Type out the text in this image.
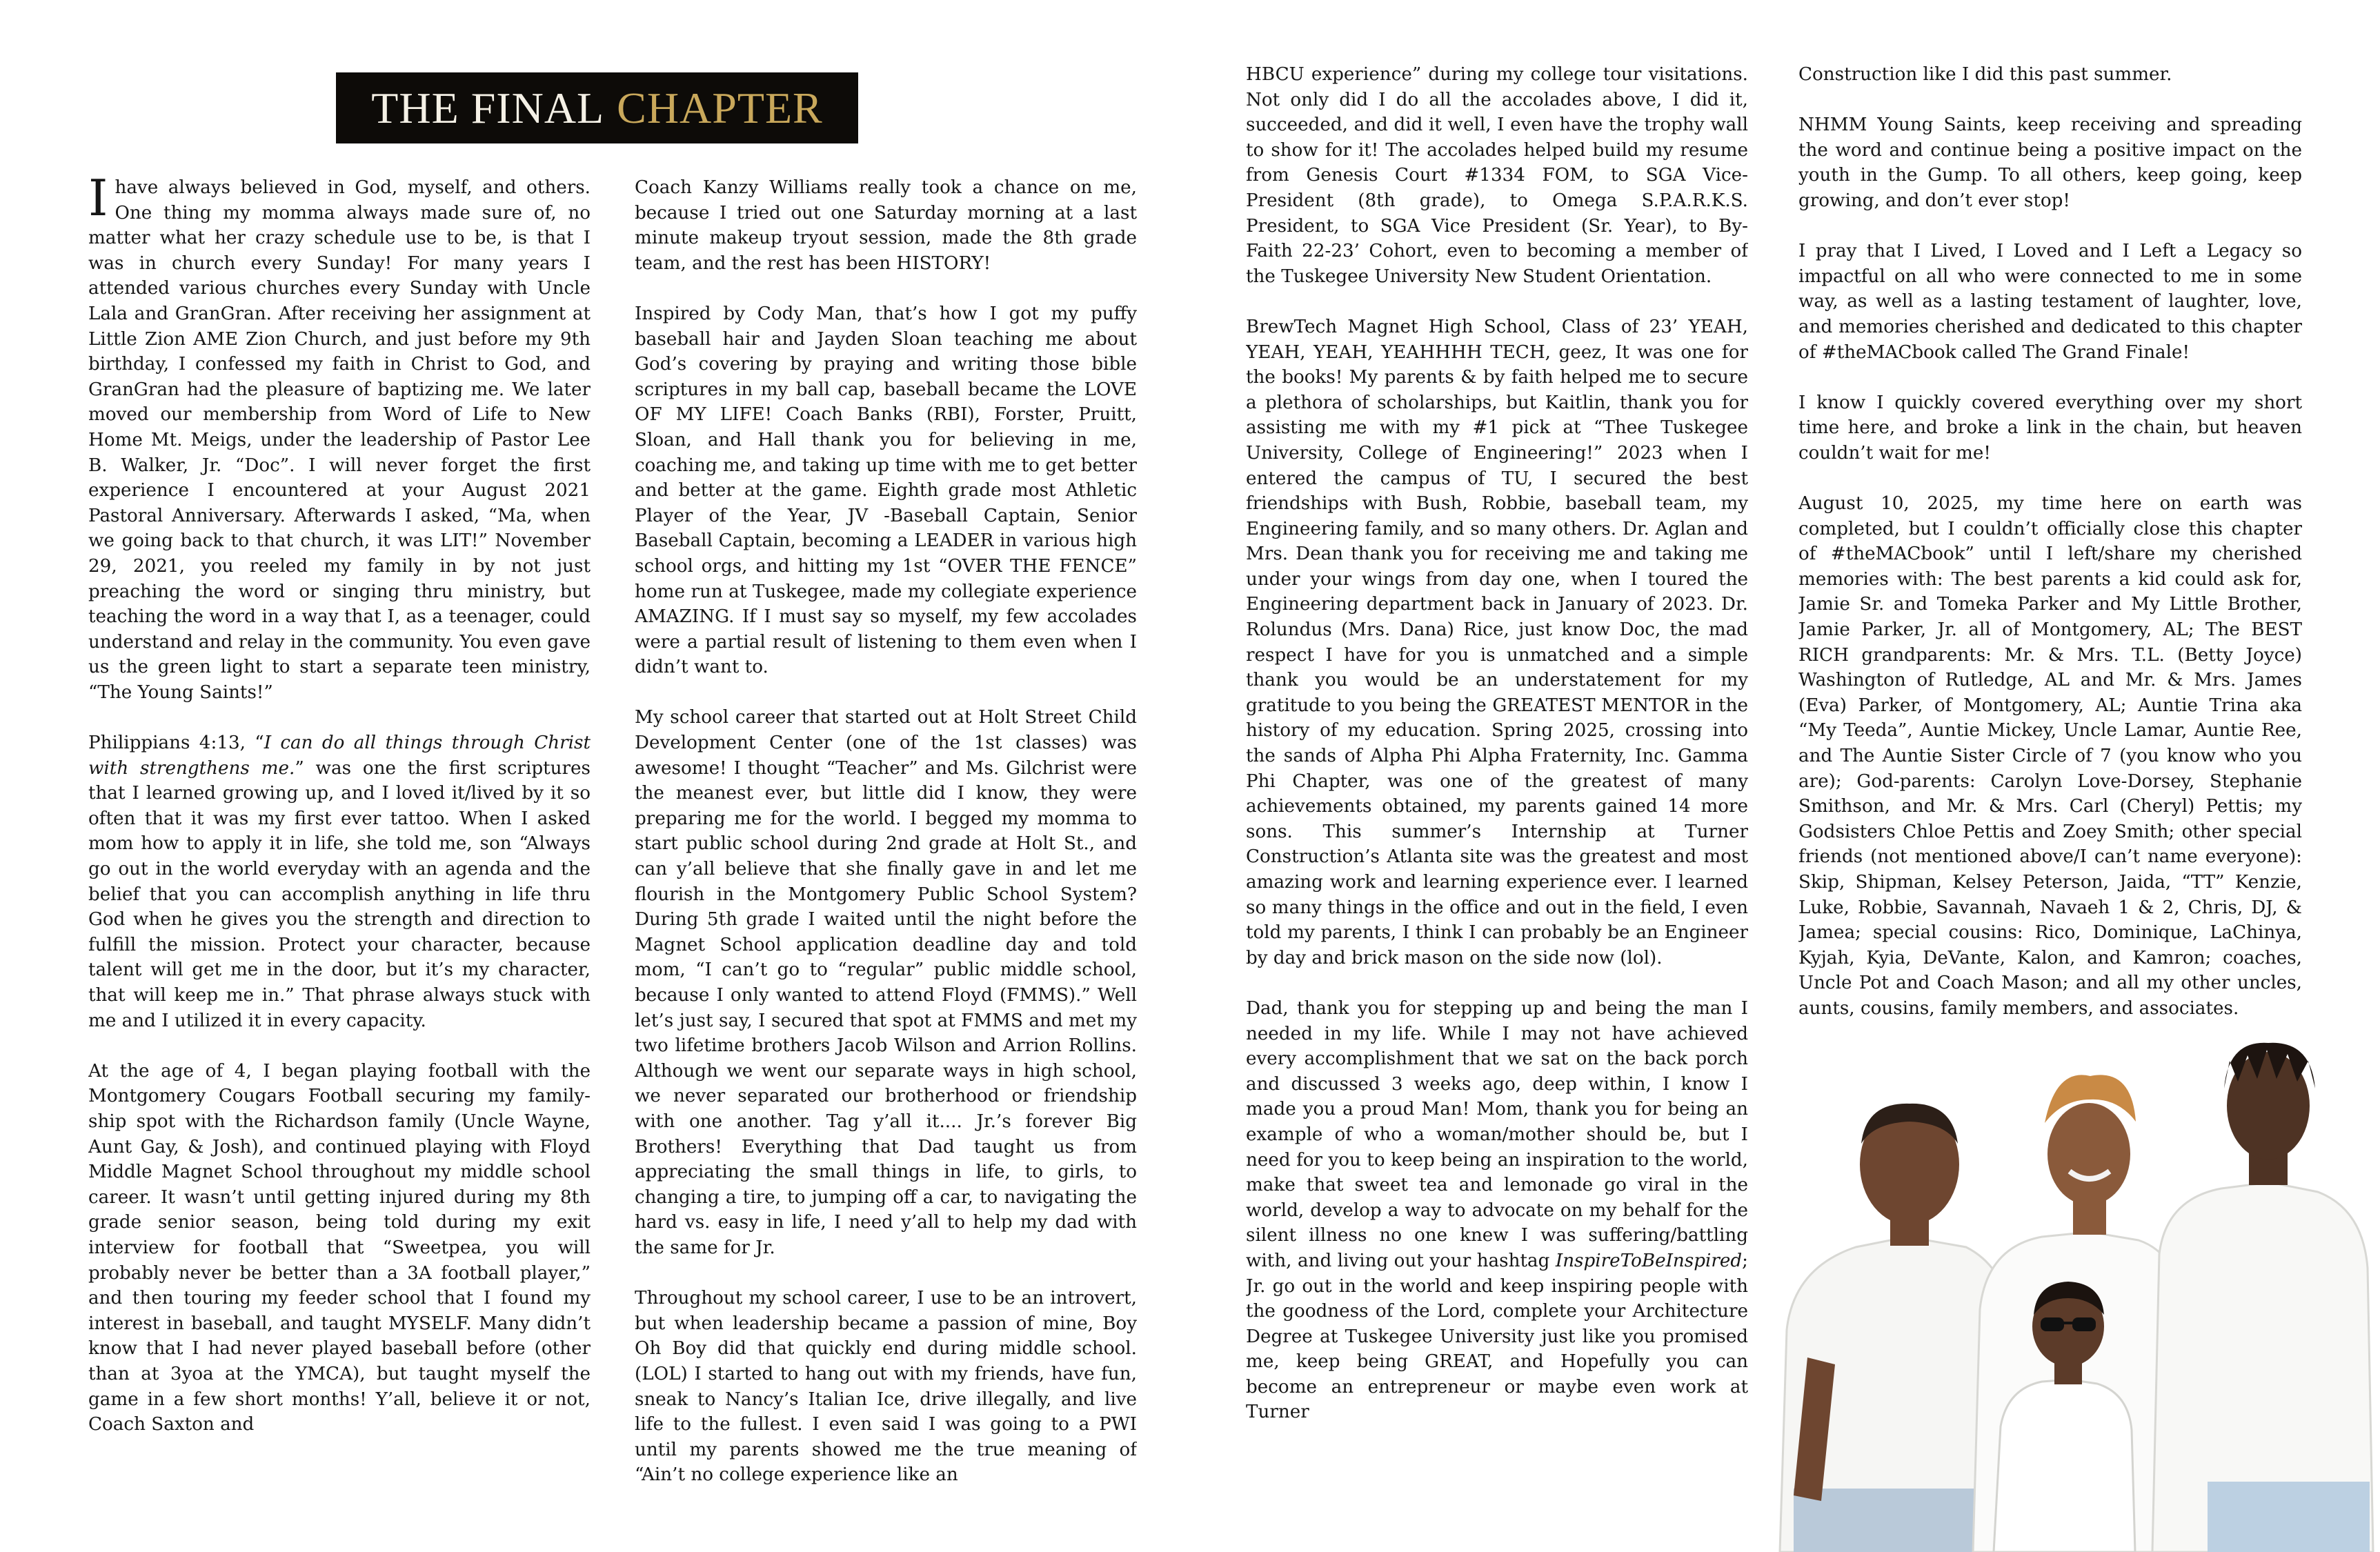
THE FINAL CHAPTER

I have always believed in God, myself, and others. One thing my momma always made sure of, no matter what her crazy schedule use to be, is that I was in church every Sunday! For many years I attended various churches every Sunday with Uncle Lala and GranGran. After receiving her assignment at Little Zion AME Zion Church, and just before my 9th birthday, I confessed my faith in Christ to God, and GranGran had the pleasure of baptizing me. We later moved our membership from Word of Life to New Home Mt. Meigs, under the leadership of Pastor Lee B. Walker, Jr. “Doc”. I will never forget the first experience I encountered at your August 2021 Pastoral Anniversary. Afterwards I asked, “Ma, when we going back to that church, it was LIT!” November 29, 2021, you reeled my family in by not just preaching the word or singing thru ministry, but teaching the word in a way that I, as a teenager, could understand and relay in the community. You even gave us the green light to start a separate teen ministry, “The Young Saints!”

Philippians 4:13, “I can do all things through Christ with strengthens me.” was one the first scriptures that I learned growing up, and I loved it/lived by it so often that it was my first ever tattoo. When I asked mom how to apply it in life, she told me, son “Always go out in the world everyday with an agenda and the belief that you can accomplish anything in life thru God when he gives you the strength and direction to fulfill the mission. Protect your character, because talent will get me in the door, but it’s my character, that will keep me in.” That phrase always stuck with me and I utilized it in every capacity.

At the age of 4, I began playing football with the Montgomery Cougars Football securing my family-ship spot with the Richardson family (Uncle Wayne, Aunt Gay, & Josh), and continued playing with Floyd Middle Magnet School throughout my middle school career. It wasn’t until getting injured during my 8th grade senior season, being told during my exit interview for football that “Sweetpea, you will probably never be better than a 3A football player,” and then touring my feeder school that I found my interest in baseball, and taught MYSELF. Many didn’t know that I had never played baseball before (other than at 3yoa at the YMCA), but taught myself the game in a few short months! Y’all, believe it or not, Coach Saxton and

Coach Kanzy Williams really took a chance on me, because I tried out one Saturday morning at a last minute makeup tryout session, made the 8th grade team, and the rest has been HISTORY!

Inspired by Cody Man, that’s how I got my puffy baseball hair and Jayden Sloan teaching me about God’s covering by praying and writing those bible scriptures in my ball cap, baseball became the LOVE OF MY LIFE! Coach Banks (RBI), Forster, Pruitt, Sloan, and Hall thank you for believing in me, coaching me, and taking up time with me to get better and better at the game. Eighth grade most Athletic Player of the Year, JV -Baseball Captain, Senior Baseball Captain, becoming a LEADER in various high school orgs, and hitting my 1st “OVER THE FENCE” home run at Tuskegee, made my collegiate experience AMAZING. If I must say so myself, my few accolades were a partial result of listening to them even when I didn’t want to.

My school career that started out at Holt Street Child Development Center (one of the 1st classes) was awesome! I thought “Teacher” and Ms. Gilchrist were the meanest ever, but little did I know, they were preparing me for the world. I begged my momma to start public school during 2nd grade at Holt St., and can y’all believe that she finally gave in and let me flourish in the Montgomery Public School System? During 5th grade I waited until the night before the Magnet School application deadline day and told mom, “I can’t go to “regular” public middle school, because I only wanted to attend Floyd (FMMS).” Well let’s just say, I secured that spot at FMMS and met my two lifetime brothers Jacob Wilson and Arrion Rollins. Although we went our separate ways in high school, we never separated our brotherhood or friendship with one another. Tag y’all it.... Jr.’s forever Big Brothers! Everything that Dad taught us from appreciating the small things in life, to girls, to changing a tire, to jumping off a car, to navigating the hard vs. easy in life, I need y’all to help my dad with the same for Jr.

Throughout my school career, I use to be an introvert, but when leadership became a passion of mine, Boy Oh Boy did that quickly end during middle school. (LOL) I started to hang out with my friends, have fun, sneak to Nancy’s Italian Ice, drive illegally, and live life to the fullest. I even said I was going to a PWI until my parents showed me the true meaning of “Ain’t no college experience like an

HBCU experience” during my college tour visitations. Not only did I do all the accolades above, I did it, succeeded, and did it well, I even have the trophy wall to show for it! The accolades helped build my resume from Genesis Court #1334 FOM, to SGA Vice-President (8th grade), to Omega S.P.A.R.K.S. President, to SGA Vice President (Sr. Year), to By-Faith 22-23’ Cohort, even to becoming a member of the Tuskegee University New Student Orientation.

BrewTech Magnet High School, Class of 23’ YEAH, YEAH, YEAH, YEAHHHH TECH, geez, It was one for the books! My parents & by faith helped me to secure a plethora of scholarships, but Kaitlin, thank you for assisting me with my #1 pick at “Thee Tuskegee University, College of Engineering!” 2023 when I entered the campus of TU, I secured the best friendships with Bush, Robbie, baseball team, my Engineering family, and so many others. Dr. Aglan and Mrs. Dean thank you for receiving me and taking me under your wings from day one, when I toured the Engineering department back in January of 2023. Dr. Rolundus (Mrs. Dana) Rice, just know Doc, the mad respect I have for you is unmatched and a simple thank you would be an understatement for my gratitude to you being the GREATEST MENTOR in the history of my education. Spring 2025, crossing into the sands of Alpha Phi Alpha Fraternity, Inc. Gamma Phi Chapter, was one of the greatest of many achievements obtained, my parents gained 14 more sons. This summer’s Internship at Turner Construction’s Atlanta site was the greatest and most amazing work and learning experience ever. I learned so many things in the office and out in the field, I even told my parents, I think I can probably be an Engineer by day and brick mason on the side now (lol).

Dad, thank you for stepping up and being the man I needed in my life. While I may not have achieved every accomplishment that we sat on the back porch and discussed 3 weeks ago, deep within, I know I made you a proud Man! Mom, thank you for being an example of who a woman/mother should be, but I need for you to keep being an inspiration to the world, make that sweet tea and lemonade go viral in the world, develop a way to advocate on my behalf for the silent illness no one knew I was suffering/battling with, and living out your hashtag InspireToBeInspired; Jr. go out in the world and keep inspiring people with the goodness of the Lord, complete your Architecture Degree at Tuskegee University just like you promised me, keep being GREAT, and Hopefully you can become an entrepreneur or maybe even work at Turner

Construction like I did this past summer.

NHMM Young Saints, keep receiving and spreading the word and continue being a positive impact on the youth in the Gump. To all others, keep going, keep growing, and don’t ever stop!

I pray that I Lived, I Loved and I Left a Legacy so impactful on all who were connected to me in some way, as well as a lasting testament of laughter, love, and memories cherished and dedicated to this chapter of #theMACbook called The Grand Finale!

I know I quickly covered everything over my short time here, and broke a link in the chain, but heaven couldn’t wait for me!

August 10, 2025, my time here on earth was completed, but I couldn’t officially close this chapter of #theMACbook” until I left/share my cherished memories with: The best parents a kid could ask for, Jamie Sr. and Tomeka Parker and My Little Brother, Jamie Parker, Jr. all of Montgomery, AL; The BEST RICH grandparents: Mr. & Mrs. T.L. (Betty Joyce) Washington of Rutledge, AL and Mr. & Mrs. James (Eva) Parker, of Montgomery, AL; Auntie Trina aka “My Teeda”, Auntie Mickey, Uncle Lamar, Auntie Ree, and The Auntie Sister Circle of 7 (you know who you are); God-parents: Carolyn Love-Dorsey, Stephanie Smithson, and Mr. & Mrs. Carl (Cheryl) Pettis; my Godsisters Chloe Pettis and Zoey Smith; other special friends (not mentioned above/I can’t name everyone): Skip, Shipman, Kelsey Peterson, Jaida, “TT” Kenzie, Luke, Robbie, Savannah, Navaeh 1 & 2, Chris, DJ, & Jamea; special cousins: Rico, Dominique, LaChinya, Kyjah, Kyia, DeVante, Kalon, and Kamron; coaches, Uncle Pot and Coach Mason; and all my other uncles, aunts, cousins, family members, and associates.
